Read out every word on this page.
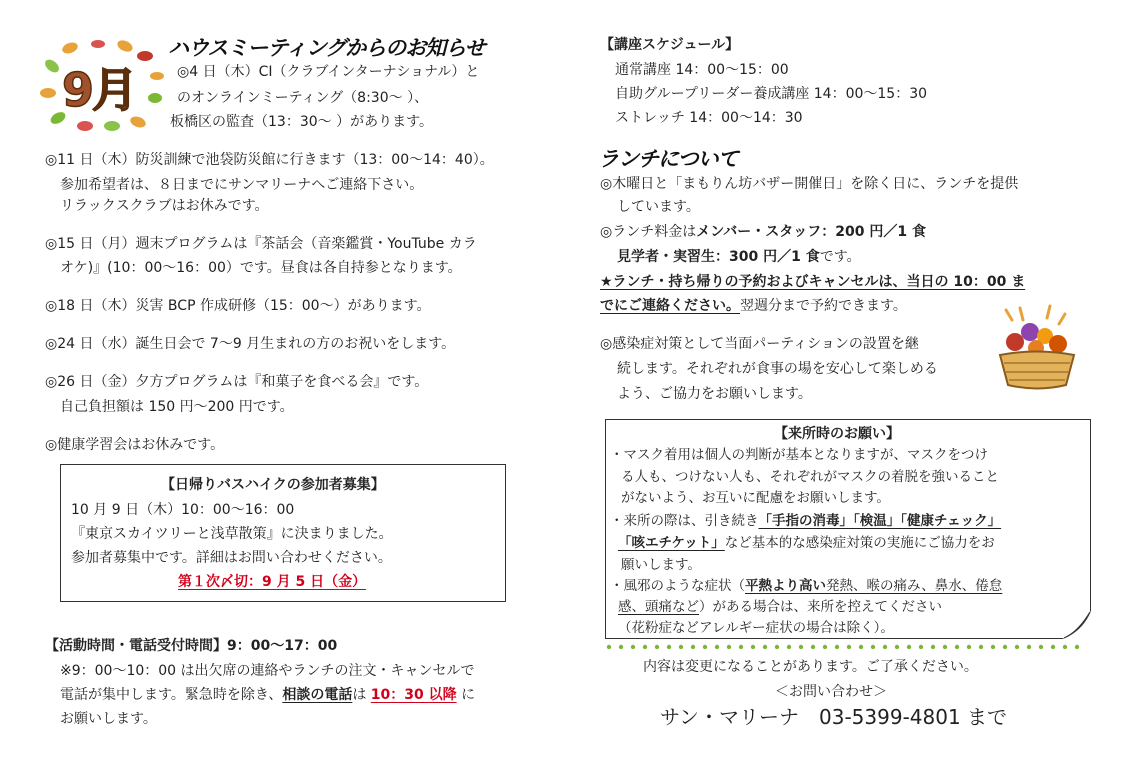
9月
ハウスミーティングからのお知らせ
◎4 日（木）CI（クラブインターナショナル）と
のオンラインミーティング（8:30〜 ）、
板橋区の監査（13：30〜 ）があります。
◎11 日（木）防災訓練で池袋防災館に行きます（13：00〜14：40）。
参加希望者は、８日までにサンマリーナへご連絡下さい。
リラックスクラブはお休みです。
◎15 日（月）週末プログラムは『茶話会（音楽鑑賞・YouTube カラ
オケ)』(10：00〜16：00）です。昼食は各自持参となります。
◎18 日（木）災害 BCP 作成研修（15：00〜）があります。
◎24 日（水）誕生日会で 7〜9 月生まれの方のお祝いをします。
◎26 日（金）夕方プログラムは『和菓子を食べる会』です。
自己負担額は 150 円〜200 円です。
◎健康学習会はお休みです。
【日帰りバスハイクの参加者募集】
10 月 9 日（木）10：00〜16：00
『東京スカイツリーと浅草散策』に決まりました。
参加者募集中です。詳細はお問い合わせください。
第１次〆切：9 月 5 日（金）
【活動時間・電話受付時間】9：00〜17：00
※9：00〜10：00 は出欠席の連絡やランチの注文・キャンセルで
電話が集中します。緊急時を除き、相談の電話は 10：30 以降 に
お願いします。
【講座スケジュール】
通常講座 14：00〜15：00
自助グループリーダー養成講座 14：00〜15：30
ストレッチ 14：00〜14：30
ランチについて
◎木曜日と「まもりん坊バザー開催日」を除く日に、ランチを提供
しています。
◎ランチ料金はメンバー・スタッフ：200 円／1 食
見学者・実習生：300 円／1 食です。
★ランチ・持ち帰りの予約およびキャンセルは、当日の 10：00 ま
でにご連絡ください。翌週分まで予約できます。
◎感染症対策として当面パーティションの設置を継
続します。それぞれが食事の場を安心して楽しめる
よう、ご協力をお願いします。
【来所時のお願い】
・マスク着用は個人の判断が基本となりますが、マスクをつけ
る人も、つけない人も、それぞれがマスクの着脱を強いること
がないよう、お互いに配慮をお願いします。
・来所の際は、引き続き「手指の消毒」「検温」「健康チェック」
「咳エチケット」など基本的な感染症対策の実施にご協力をお
願いします。
・風邪のような症状（平熱より高い発熱、喉の痛み、鼻水、倦怠
感、頭痛など）がある場合は、来所を控えてください
（花粉症などアレルギー症状の場合は除く）。
内容は変更になることがあります。ご了承ください。
＜お問い合わせ＞
サン・マリーナ　03-5399-4801 まで
